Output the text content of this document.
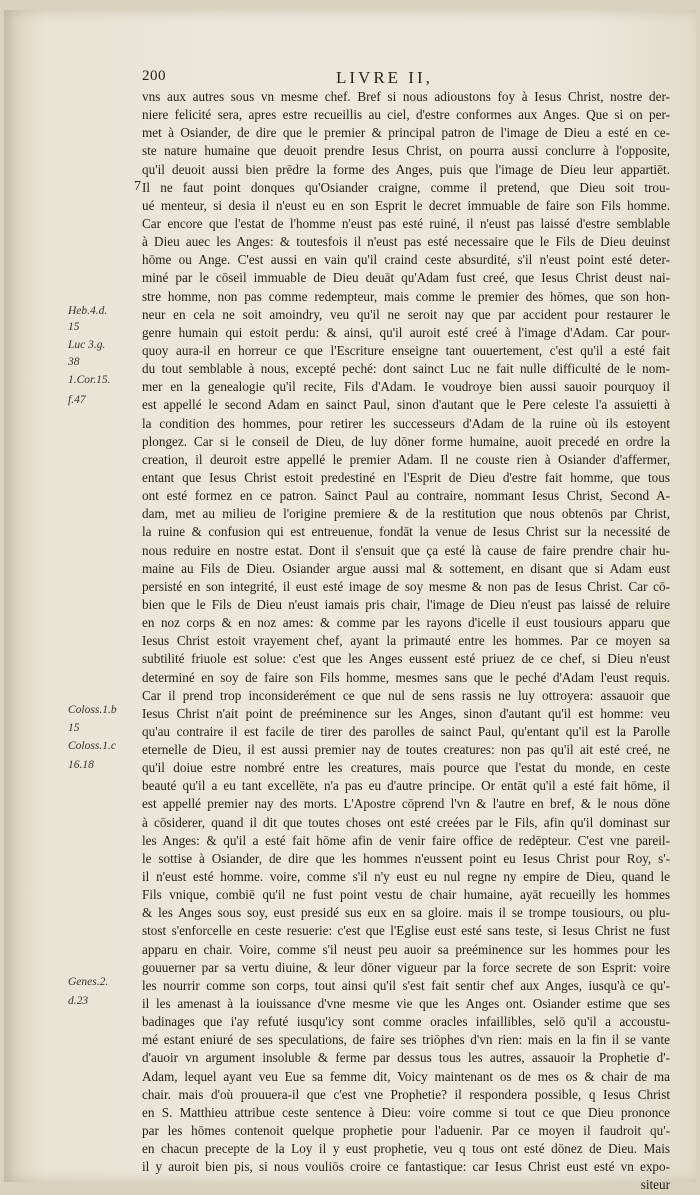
200	LIVRE II,
7
Heb.4.d.
15
Luc 3.g.
38
1.Cor.15.
f.47
Coloss.1.b
15
Coloss.1.c
16.18
Genes.2.
d.23
vns aux autres sous vn mesme chef. Bref si nous adioustons foy à Iesus Christ, nostre der-
niere felicité sera, apres estre recueillis au ciel, d'estre conformes aux Anges. Que si on per-
met à Osiander, de dire que le premier & principal patron de l'image de Dieu a esté en ce-
ste nature humaine que deuoit prendre Iesus Christ, on pourra aussi conclurre à l'opposite,
qu'il deuoit aussi bien prēdre la forme des Anges, puis que l'image de Dieu leur appartiēt.
Il ne faut point donques qu'Osiander craigne, comme il pretend, que Dieu soit trou-
ué menteur, si desia il n'eust eu en son Esprit le decret immuable de faire son Fils homme.
Car encore que l'estat de l'homme n'eust pas esté ruiné, il n'eust pas laissé d'estre semblable
à Dieu auec les Anges: & toutesfois il n'eust pas esté necessaire que le Fils de Dieu deuinst
hōme ou Ange. C'est aussi en vain qu'il craind ceste absurdité, s'il n'eust point esté deter-
miné par le cōseil immuable de Dieu deuāt qu'Adam fust creé, que Iesus Christ deust nai-
stre homme, non pas comme redempteur, mais comme le premier des hōmes, que son hon-
neur en cela ne soit amoindry, veu qu'il ne seroit nay que par accident pour restaurer le
genre humain qui estoit perdu: & ainsi, qu'il auroit esté creé à l'image d'Adam. Car pour-
quoy aura-il en horreur ce que l'Escriture enseigne tant ouuertement, c'est qu'il a esté fait
du tout semblable à nous, excepté peché: dont sainct Luc ne fait nulle difficulté de le nom-
mer en la genealogie qu'il recite, Fils d'Adam. Ie voudroye bien aussi sauoir pourquoy il
est appellé le second Adam en sainct Paul, sinon d'autant que le Pere celeste l'a assuietti à
la condition des hommes, pour retirer les successeurs d'Adam de la ruine où ils estoyent
plongez. Car si le conseil de Dieu, de luy dōner forme humaine, auoit precedé en ordre la
creation, il deuroit estre appellé le premier Adam. Il ne couste rien à Osiander d'affermer,
entant que Iesus Christ estoit predestiné en l'Esprit de Dieu d'estre fait homme, que tous
ont esté formez en ce patron. Sainct Paul au contraire, nommant Iesus Christ, Second A-
dam, met au milieu de l'origine premiere & de la restitution que nous obtenōs par Christ,
la ruine & confusion qui est entreuenue, fondāt la venue de Iesus Christ sur la necessité de
nous reduire en nostre estat. Dont il s'ensuit que ça esté là cause de faire prendre chair hu-
maine au Fils de Dieu. Osiander argue aussi mal & sottement, en disant que si Adam eust
persisté en son integrité, il eust esté image de soy mesme & non pas de Iesus Christ. Car cō-
bien que le Fils de Dieu n'eust iamais pris chair, l'image de Dieu n'eust pas laissé de reluire
en noz corps & en noz ames: & comme par les rayons d'icelle il eust tousiours apparu que
Iesus Christ estoit vrayement chef, ayant la primauté entre les hommes. Par ce moyen sa
subtilité friuole est solue: c'est que les Anges eussent esté priuez de ce chef, si Dieu n'eust
determiné en soy de faire son Fils homme, mesmes sans que le peché d'Adam l'eust requis.
Car il prend trop inconsiderément ce que nul de sens rassis ne luy ottroyera: assauoir que
Iesus Christ n'ait point de preéminence sur les Anges, sinon d'autant qu'il est homme: veu
qu'au contraire il est facile de tirer des parolles de sainct Paul, qu'entant qu'il est la Parolle
eternelle de Dieu, il est aussi premier nay de toutes creatures: non pas qu'il ait esté creé, ne
qu'il doiue estre nombré entre les creatures, mais pource que l'estat du monde, en ceste
beauté qu'il a eu tant excellēte, n'a pas eu d'autre principe. Or entāt qu'il a esté fait hōme, il
est appellé premier nay des morts. L'Apostre cōprend l'vn & l'autre en bref, & le nous dōne
à cōsiderer, quand il dit que toutes choses ont esté creées par le Fils, afin qu'il dominast sur
les Anges: & qu'il a esté fait hōme afin de venir faire office de redēpteur. C'est vne pareil-
le sottise à Osiander, de dire que les hommes n'eussent point eu Iesus Christ pour Roy, s'-
il n'eust esté homme. voire, comme s'il n'y eust eu nul regne ny empire de Dieu, quand le
Fils vnique, combiē qu'il ne fust point vestu de chair humaine, ayāt recueilly les hommes
& les Anges sous soy, eust presidé sus eux en sa gloire. mais il se trompe tousiours, ou plu-
stost s'enforcelle en ceste resuerie: c'est que l'Eglise eust esté sans teste, si Iesus Christ ne fust
apparu en chair. Voire, comme s'il neust peu auoir sa preéminence sur les hommes pour les
gouuerner par sa vertu diuine, & leur dōner vigueur par la force secrete de son Esprit: voire
les nourrir comme son corps, tout ainsi qu'il s'est fait sentir chef aux Anges, iusqu'à ce qu'-
il les amenast à la iouissance d'vne mesme vie que les Anges ont. Osiander estime que ses
badinages que i'ay refuté iusqu'icy sont comme oracles infaillibles, selō qu'il a accoustu-
mé estant eniuré de ses speculations, de faire ses triōphes d'vn rien: mais en la fin il se vante
d'auoir vn argument insoluble & ferme par dessus tous les autres, assauoir la Prophetie d'-
Adam, lequel ayant veu Eue sa femme dit, Voicy maintenant os de mes os & chair de ma
chair. mais d'où prouuera-il que c'est vne Prophetie? il respondera possible, q Iesus Christ
en S. Matthieu attribue ceste sentence à Dieu: voire comme si tout ce que Dieu prononce
par les hōmes contenoit quelque prophetie pour l'aduenir. Par ce moyen il faudroit qu'-
en chacun precepte de la Loy il y eust prophetie, veu q tous ont esté dōnez de Dieu. Mais
il y auroit bien pis, si nous vouliōs croire ce fantastique: car Iesus Christ eust esté vn expo-
siteur
